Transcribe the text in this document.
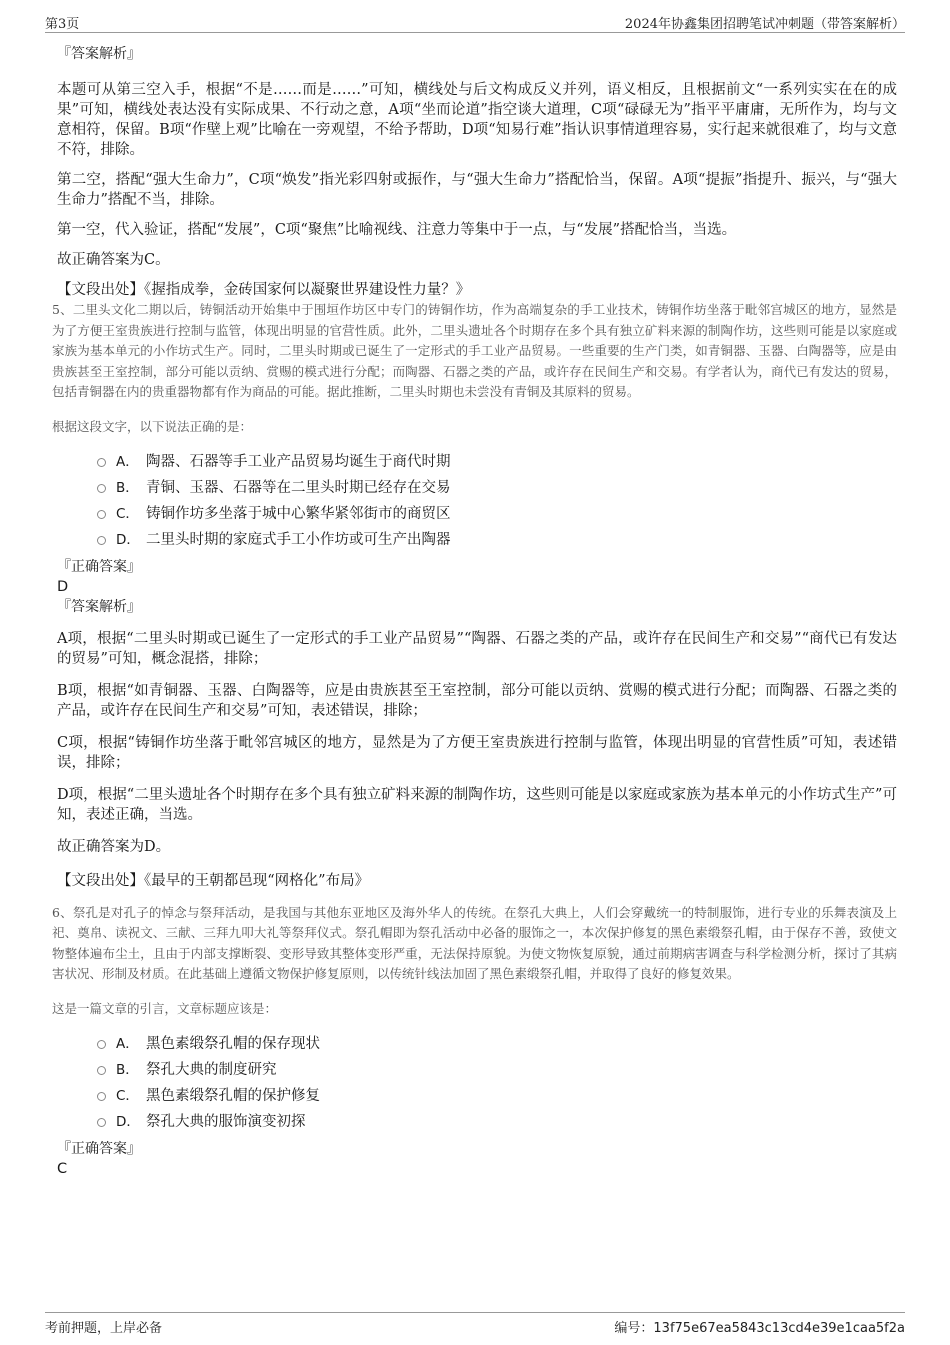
第3页	2024年协鑫集团招聘笔试冲刺题（带答案解析）

『答案解析』

本题可从第三空入手，根据“不是……而是……”可知，横线处与后文构成反义并列，语义相反，且根据前文“一系列实实在在的成果”可知，横线处表达没有实际成果、不行动之意，A项“坐而论道”指空谈大道理，C项“碌碌无为”指平平庸庸，无所作为，均与文意相符，保留。B项“作壁上观”比喻在一旁观望，不给予帮助，D项“知易行难”指认识事情道理容易，实行起来就很难了，均与文意不符，排除。

第二空，搭配“强大生命力”，C项“焕发”指光彩四射或振作，与“强大生命力”搭配恰当，保留。A项“提振”指提升、振兴，与“强大生命力”搭配不当，排除。

第一空，代入验证，搭配“发展”，C项“聚焦”比喻视线、注意力等集中于一点，与“发展”搭配恰当，当选。

故正确答案为C。

【文段出处】《握指成拳，金砖国家何以凝聚世界建设性力量？》

5、二里头文化二期以后，铸铜活动开始集中于围垣作坊区中专门的铸铜作坊，作为高端复杂的手工业技术，铸铜作坊坐落于毗邻宫城区的地方，显然是为了方便王室贵族进行控制与监管，体现出明显的官营性质。此外，二里头遗址各个时期存在多个具有独立矿料来源的制陶作坊，这些则可能是以家庭或家族为基本单元的小作坊式生产。同时，二里头时期或已诞生了一定形式的手工业产品贸易。一些重要的生产门类，如青铜器、玉器、白陶器等，应是由贵族甚至王室控制，部分可能以贡纳、赏赐的模式进行分配；而陶器、石器之类的产品，或许存在民间生产和交易。有学者认为，商代已有发达的贸易，包括青铜器在内的贵重器物都有作为商品的可能。据此推断，二里头时期也未尝没有青铜及其原料的贸易。

根据这段文字，以下说法正确的是：

A． 陶器、石器等手工业产品贸易均诞生于商代时期
B． 青铜、玉器、石器等在二里头时期已经存在交易
C． 铸铜作坊多坐落于城中心繁华紧邻街市的商贸区
D． 二里头时期的家庭式手工小作坊或可生产出陶器

『正确答案』

D

『答案解析』

A项，根据“二里头时期或已诞生了一定形式的手工业产品贸易”“陶器、石器之类的产品，或许存在民间生产和交易”“商代已有发达的贸易”可知，概念混搭，排除；

B项，根据“如青铜器、玉器、白陶器等，应是由贵族甚至王室控制，部分可能以贡纳、赏赐的模式进行分配；而陶器、石器之类的产品，或许存在民间生产和交易”可知，表述错误，排除；

C项，根据“铸铜作坊坐落于毗邻宫城区的地方，显然是为了方便王室贵族进行控制与监管，体现出明显的官营性质”可知，表述错误，排除；

D项，根据“二里头遗址各个时期存在多个具有独立矿料来源的制陶作坊，这些则可能是以家庭或家族为基本单元的小作坊式生产”可知，表述正确，当选。

故正确答案为D。

【文段出处】《最早的王朝都邑现“网格化”布局》

6、祭孔是对孔子的悼念与祭拜活动，是我国与其他东亚地区及海外华人的传统。在祭孔大典上，人们会穿戴统一的特制服饰，进行专业的乐舞表演及上祀、奠帛、读祝文、三献、三拜九叩大礼等祭拜仪式。祭孔帽即为祭孔活动中必备的服饰之一，本次保护修复的黑色素缎祭孔帽，由于保存不善，致使文物整体遍布尘土，且由于内部支撑断裂、变形导致其整体变形严重，无法保持原貌。为使文物恢复原貌，通过前期病害调查与科学检测分析，探讨了其病害状况、形制及材质。在此基础上遵循文物保护修复原则，以传统针线法加固了黑色素缎祭孔帽，并取得了良好的修复效果。

这是一篇文章的引言，文章标题应该是：

A． 黑色素缎祭孔帽的保存现状
B． 祭孔大典的制度研究
C． 黑色素缎祭孔帽的保护修复
D． 祭孔大典的服饰演变初探

『正确答案』

C

考前押题，上岸必备	编号：13f75e67ea5843c13cd4e39e1caa5f2a
